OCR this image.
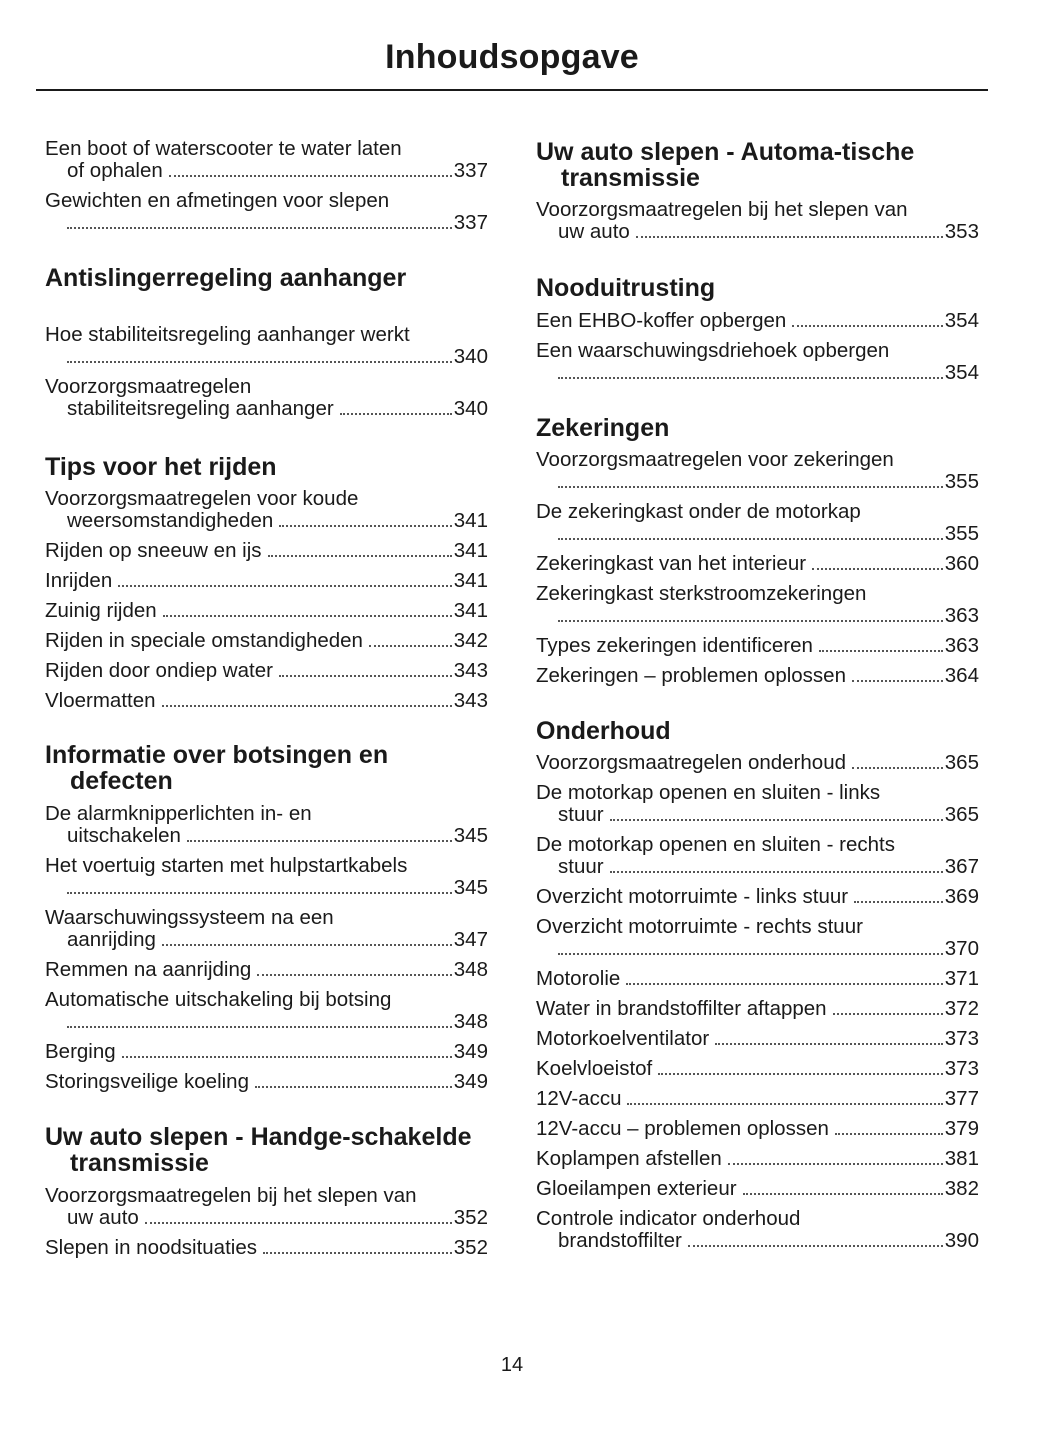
Inhoudsopgave
Een boot of waterscooter te water laten
of ophalen	337
Gewichten en afmetingen voor slepen
337
Antislingerregeling aanhanger
Hoe stabiliteitsregeling aanhanger werkt
340
Voorzorgsmaatregelen
stabiliteitsregeling aanhanger	340
Tips voor het rijden
Voorzorgsmaatregelen voor koude
weersomstandigheden	341
Rijden op sneeuw en ijs	341
Inrijden	341
Zuinig rijden	341
Rijden in speciale omstandigheden	342
Rijden door ondiep water	343
Vloermatten	343
Informatie over botsingen en defecten
De alarmknipperlichten in- en
uitschakelen	345
Het voertuig starten met hulpstartkabels
345
Waarschuwingssysteem na een
aanrijding	347
Remmen na aanrijding	348
Automatische uitschakeling bij botsing
348
Berging	349
Storingsveilige koeling	349
Uw auto slepen - Handge-schakelde transmissie
Voorzorgsmaatregelen bij het slepen van
uw auto	352
Slepen in noodsituaties	352
Uw auto slepen - Automa-tische transmissie
Voorzorgsmaatregelen bij het slepen van
uw auto	353
Nooduitrusting
Een EHBO-koffer opbergen	354
Een waarschuwingsdriehoek opbergen
354
Zekeringen
Voorzorgsmaatregelen voor zekeringen
355
De zekeringkast onder de motorkap
355
Zekeringkast van het interieur	360
Zekeringkast sterkstroomzekeringen
363
Types zekeringen identificeren	363
Zekeringen – problemen oplossen	364
Onderhoud
Voorzorgsmaatregelen onderhoud	365
De motorkap openen en sluiten - links
stuur	365
De motorkap openen en sluiten - rechts
stuur	367
Overzicht motorruimte - links stuur	369
Overzicht motorruimte - rechts stuur
370
Motorolie	371
Water in brandstoffilter aftappen	372
Motorkoelventilator	373
Koelvloeistof	373
12V-accu	377
12V-accu – problemen oplossen	379
Koplampen afstellen	381
Gloeilampen exterieur	382
Controle indicator onderhoud
brandstoffilter	390
14
